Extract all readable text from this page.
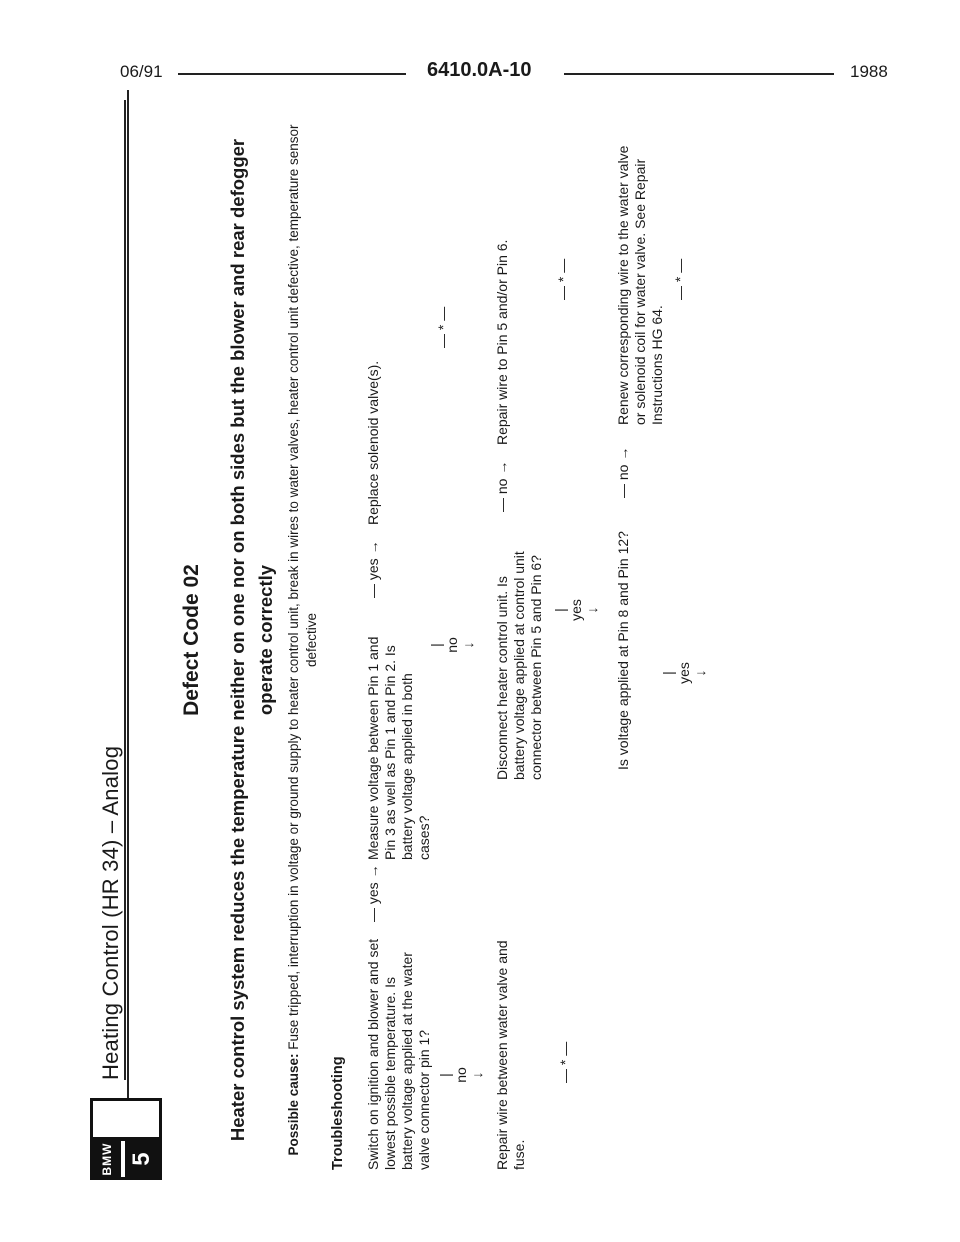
06/91	6410.0A-10	1988
BMW 5
Heating Control (HR 34) – Analog
Defect Code 02 Heater control system reduces the temperature neither on one nor on both sides but the blower and rear defogger operate correctly
Possible cause: Fuse tripped, interruption in voltage or ground supply to heater control unit, break in wires to water valves, heater control unit defective, temperature sensor defective
Troubleshooting Switch on ignition and blower and set lowest possible temperature. Is battery voltage applied at the water valve connector pin 1?
— yes →
| no ↓ Repair wire between water valve and fuse.
— * —
Measure voltage between Pin 1 and Pin 3 as well as Pin 1 and Pin 2. Is battery voltage applied in both cases?
— yes →
Replace solenoid valve(s).
— * —
| no ↓ Disconnect heater control unit. Is battery voltage applied at control unit connector between Pin 5 and Pin 6?
— no →
Repair wire to Pin 5 and/or Pin 6.	— * —
| yes ↓ Is voltage applied at Pin 8 and Pin 12?
— no →
Renew corresponding wire to the water valve or solenoid coil for water valve. See Repair Instructions HG 64.
— * —
| yes ↓
